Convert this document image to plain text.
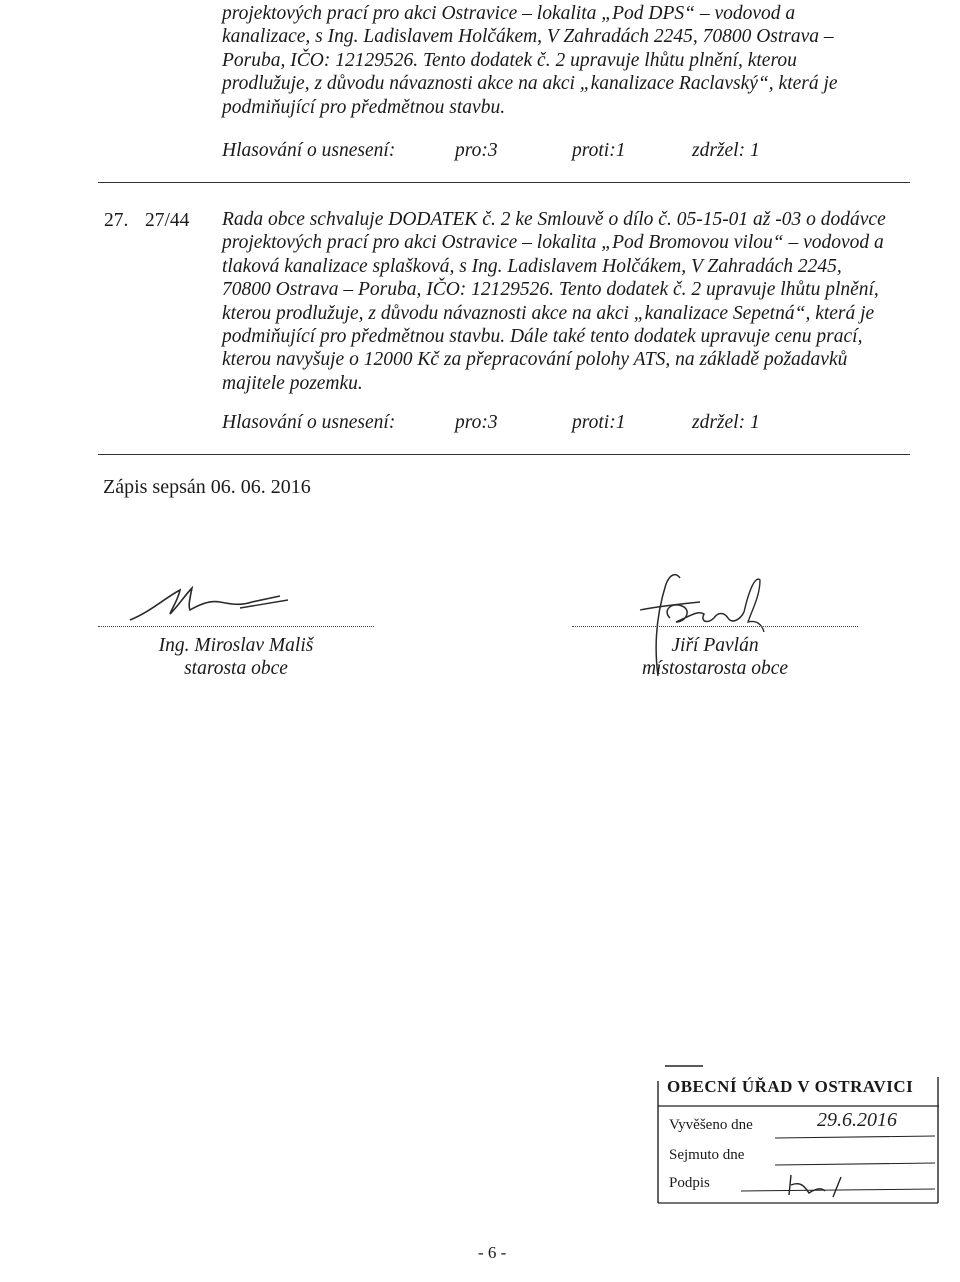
projektových prací pro akci Ostravice – lokalita „Pod DPS“ – vodovod a
kanalizace, s Ing. Ladislavem Holčákem, V Zahradách 2245, 70800 Ostrava –
Poruba, IČO: 12129526. Tento dodatek č. 2 upravuje lhůtu plnění, kterou
prodlužuje, z důvodu návaznosti akce na akci „kanalizace Raclavský“, která je
podmiňující pro předmětnou stavbu.
Hlasování o usnesení:	pro:3	proti:1	zdržel: 1
27. 27/44 Rada obce schvaluje DODATEK č. 2 ke Smlouvě o dílo č. 05-15-01 až -03 o dodávce
projektových prací pro akci Ostravice – lokalita „Pod Bromovou vilou“ – vodovod a
tlaková kanalizace splašková, s Ing. Ladislavem Holčákem, V Zahradách 2245,
70800 Ostrava – Poruba, IČO: 12129526. Tento dodatek č. 2 upravuje lhůtu plnění,
kterou prodlužuje, z důvodu návaznosti akce na akci „kanalizace Sepetná“, která je
podmiňující pro předmětnou stavbu. Dále také tento dodatek upravuje cenu prací,
kterou navyšuje o 12000 Kč za přepracování polohy ATS, na základě požadavků
majitele pozemku.
Hlasování o usnesení:	pro:3	proti:1	zdržel: 1
Zápis sepsán 06. 06. 2016
Ing. Miroslav Mališ
starosta obce
Jiří Pavlán
místostarosta obce
OBECNÍ ÚŘAD V OSTRAVICI
Vyvěšeno dne	29.6.2016
Sejmuto dne
Podpis
- 6 -
